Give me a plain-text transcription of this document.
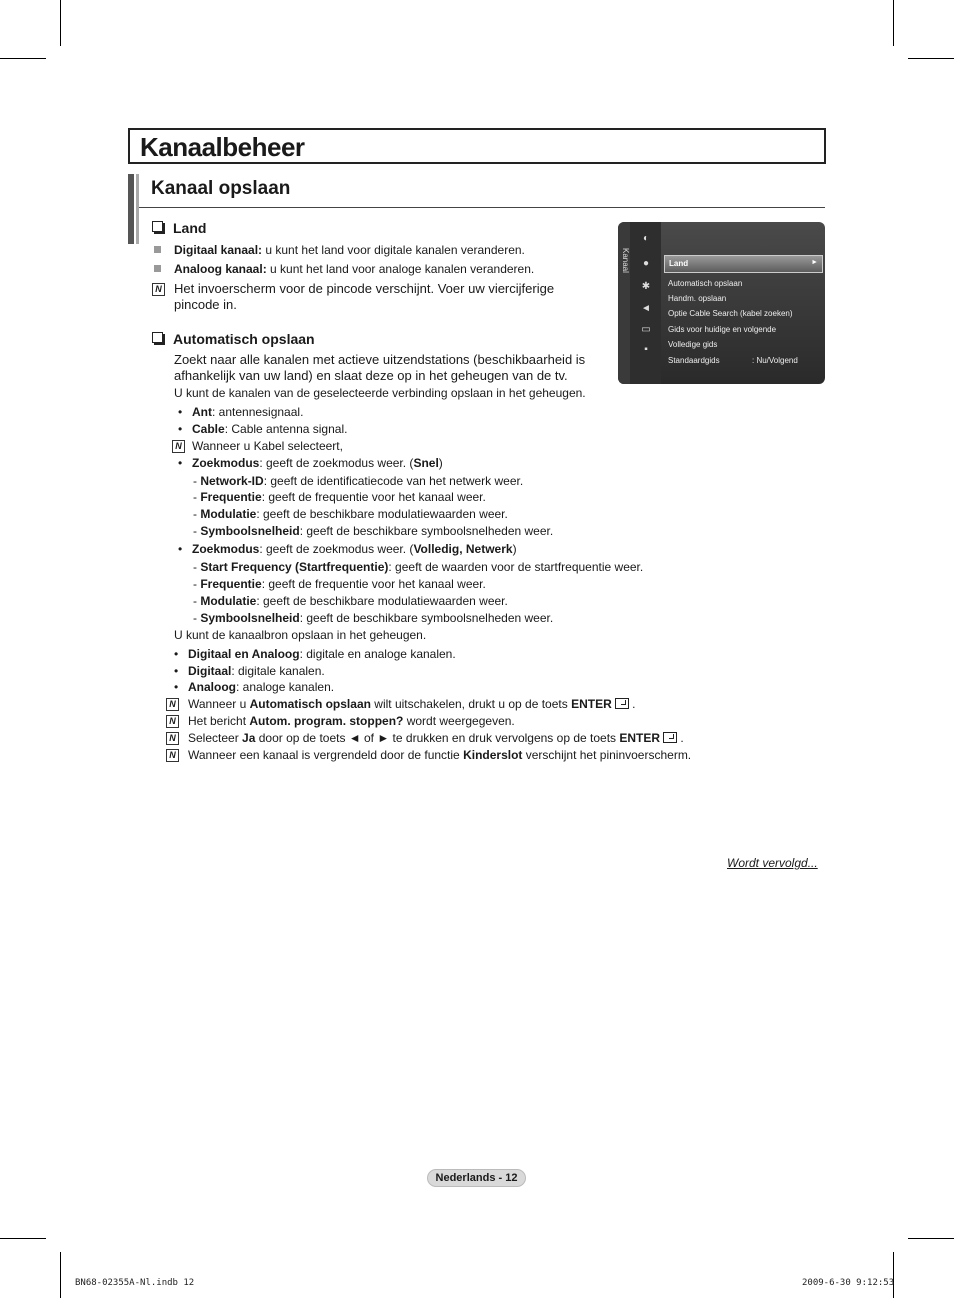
Kanaalbeheer
Kanaal opslaan
Land
Digitaal kanaal: u kunt het land voor digitale kanalen veranderen.
Analoog kanaal: u kunt het land voor analoge kanalen veranderen.
N Het invoerscherm voor de pincode verschijnt. Voer uw viercijferige
pincode in.
Automatisch opslaan
Zoekt naar alle kanalen met actieve uitzendstations (beschikbaarheid is
afhankelijk van uw land) en slaat deze op in het geheugen van de tv.
U kunt de kanalen van de geselecteerde verbinding opslaan in het geheugen.
• Ant: antennesignaal.
• Cable: Cable antenna signal.
N Wanneer u Kabel selecteert,
• Zoekmodus: geeft de zoekmodus weer. (Snel)
- Network-ID: geeft de identificatiecode van het netwerk weer.
- Frequentie: geeft de frequentie voor het kanaal weer.
- Modulatie: geeft de beschikbare modulatiewaarden weer.
- Symboolsnelheid: geeft de beschikbare symboolsnelheden weer.
• Zoekmodus: geeft de zoekmodus weer. (Volledig, Netwerk)
- Start Frequency (Startfrequentie): geeft de waarden voor de startfrequentie weer.
- Frequentie: geeft de frequentie voor het kanaal weer.
- Modulatie: geeft de beschikbare modulatiewaarden weer.
- Symboolsnelheid: geeft de beschikbare symboolsnelheden weer.
U kunt de kanaalbron opslaan in het geheugen.
• Digitaal en Analoog: digitale en analoge kanalen.
• Digitaal: digitale kanalen.
• Analoog: analoge kanalen.
N Wanneer u Automatisch opslaan wilt uitschakelen, drukt u op de toets ENTER .
N Het bericht Autom. program. stoppen? wordt weergegeven.
N Selecteer Ja door op de toets ◄ of ► te drukken en druk vervolgens op de toets ENTER .
N Wanneer een kanaal is vergrendeld door de functie Kinderslot verschijnt het pininvoerscherm.
Kanaal
◐
●
✱
◄
▭
▪
Land	►
Automatisch opslaan
Handm. opslaan
Optie Cable Search (kabel zoeken)
Gids voor huidige en volgende
Volledige gids
Standaardgids	: Nu/Volgend
Wordt vervolgd...
Nederlands - 12
BN68-02355A-Nl.indb 12	2009-6-30 9:12:53
